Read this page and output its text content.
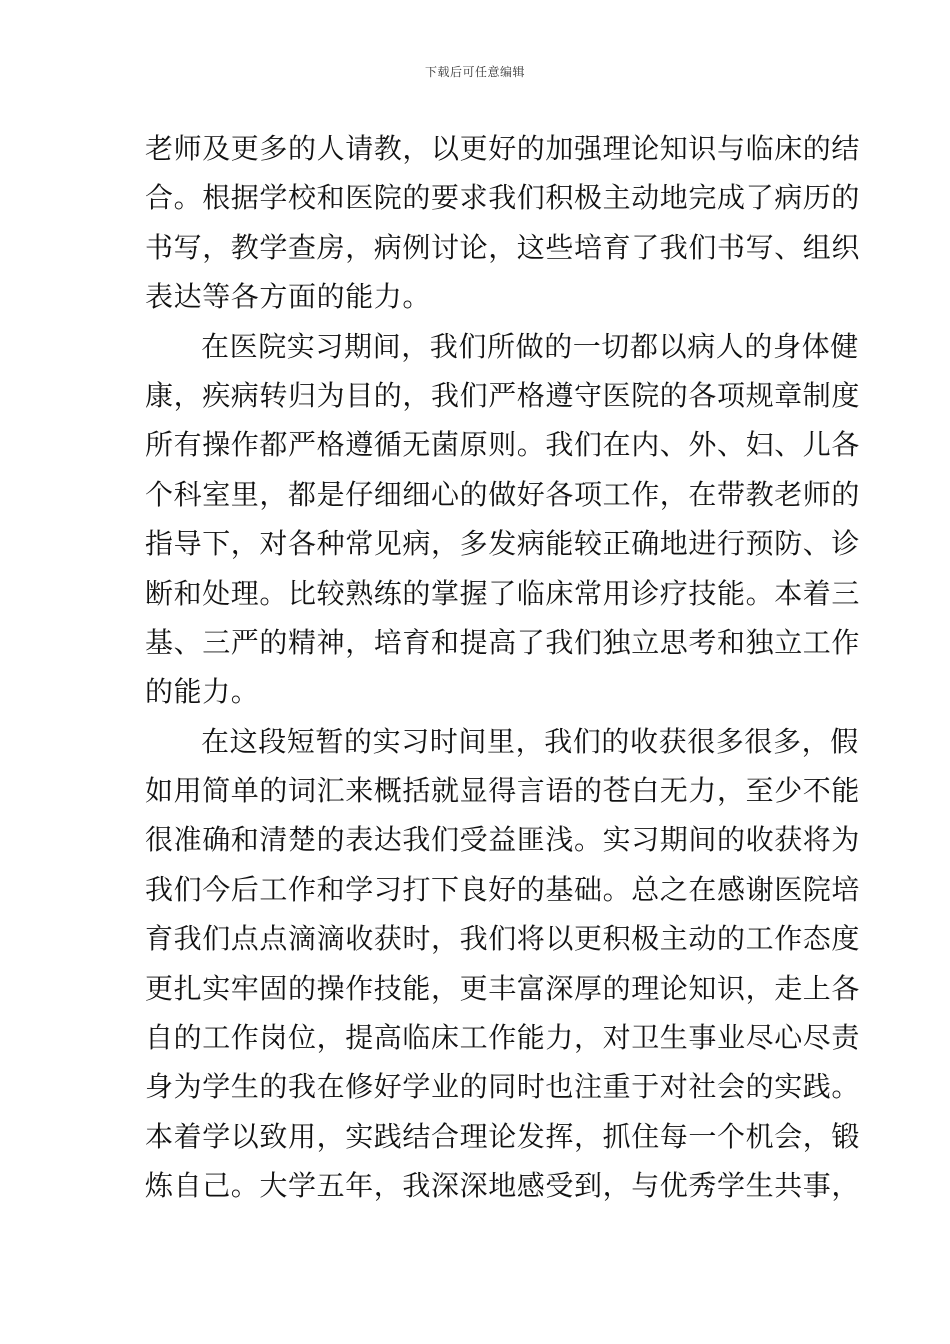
下载后可任意编辑
老师及更多的人请教，以更好的加强理论知识与临床的结
合。根据学校和医院的要求我们积极主动地完成了病历的
书写，教学查房，病例讨论，这些培育了我们书写、组织
表达等各方面的能力。
在医院实习期间，我们所做的一切都以病人的身体健
康，疾病转归为目的，我们严格遵守医院的各项规章制度
所有操作都严格遵循无菌原则。我们在内、外、妇、儿各
个科室里，都是仔细细心的做好各项工作，在带教老师的
指导下，对各种常见病，多发病能较正确地进行预防、诊
断和处理。比较熟练的掌握了临床常用诊疗技能。本着三
基、三严的精神，培育和提高了我们独立思考和独立工作
的能力。
在这段短暂的实习时间里，我们的收获很多很多，假
如用简单的词汇来概括就显得言语的苍白无力，至少不能
很准确和清楚的表达我们受益匪浅。实习期间的收获将为
我们今后工作和学习打下良好的基础。总之在感谢医院培
育我们点点滴滴收获时，我们将以更积极主动的工作态度
更扎实牢固的操作技能，更丰富深厚的理论知识，走上各
自的工作岗位，提高临床工作能力，对卫生事业尽心尽责
身为学生的我在修好学业的同时也注重于对社会的实践。
本着学以致用，实践结合理论发挥，抓住每一个机会，锻
炼自己。大学五年，我深深地感受到，与优秀学生共事，
